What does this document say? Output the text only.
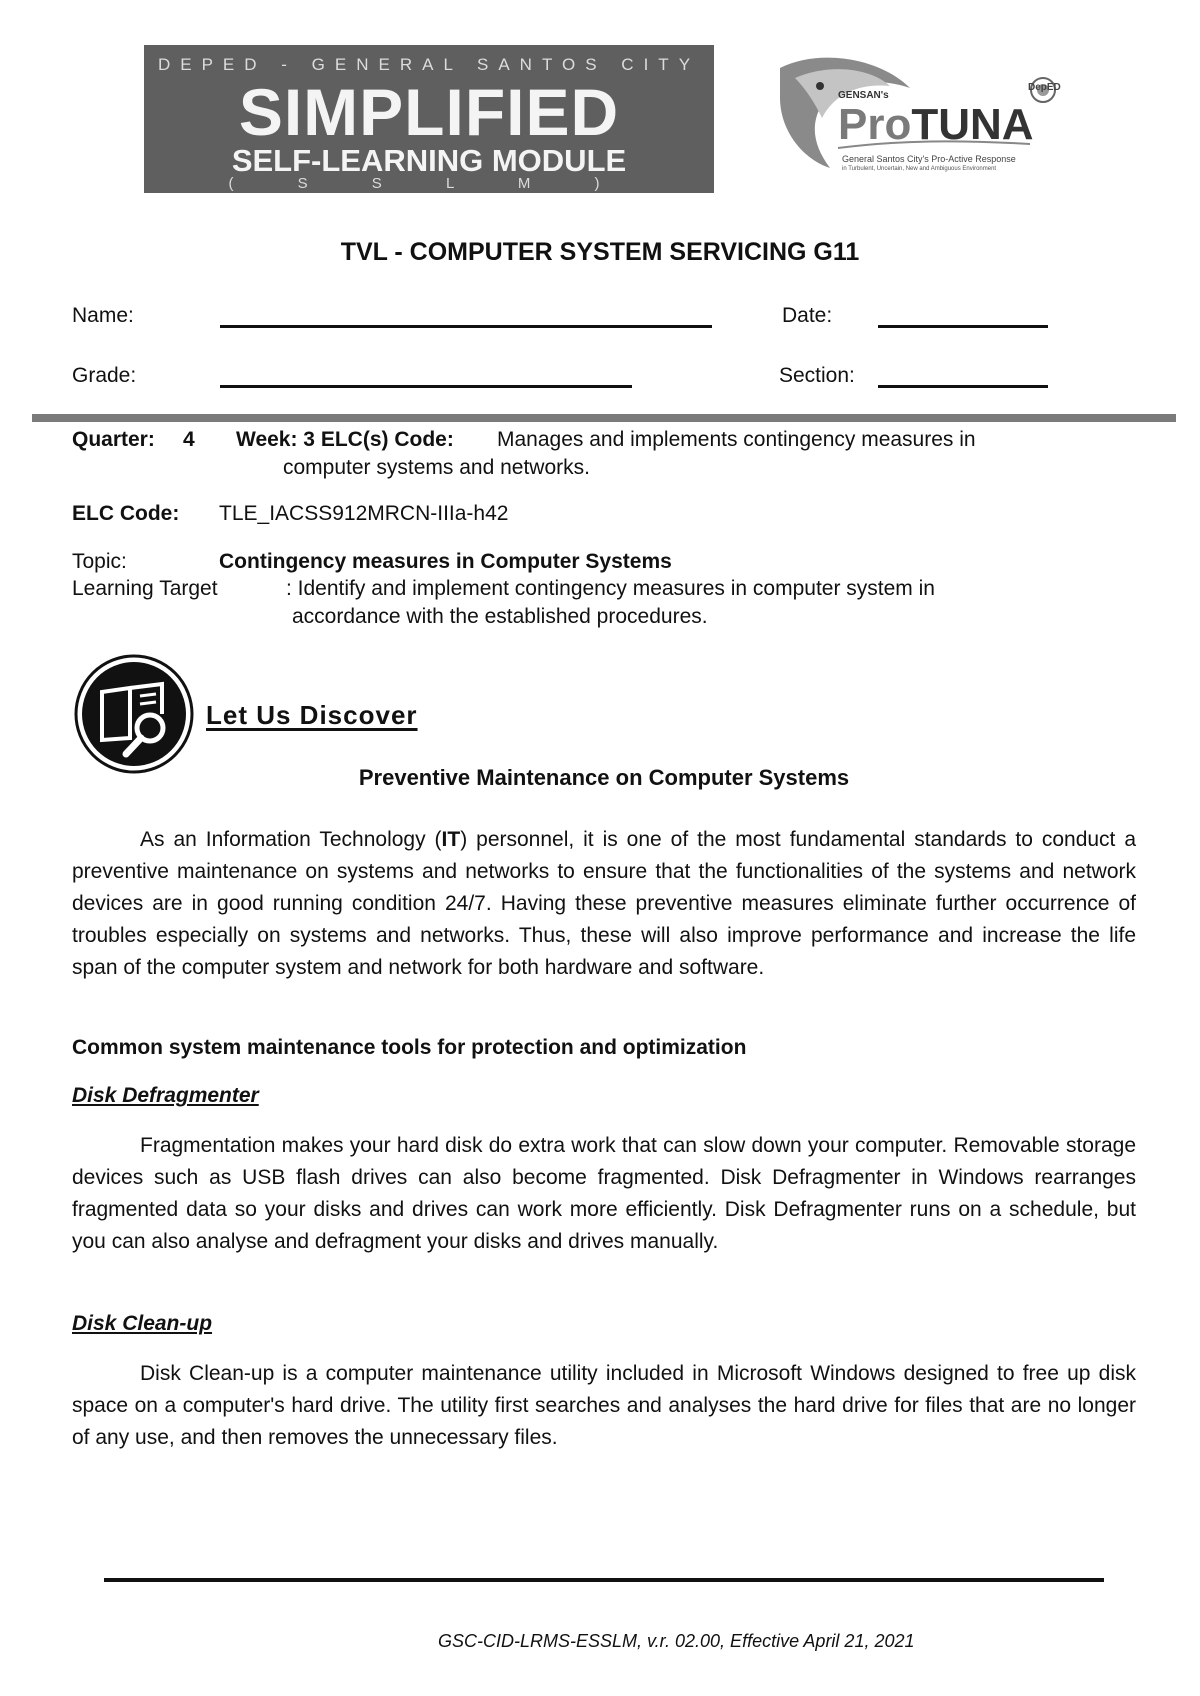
DEPED - GENERAL SANTOS CITY
SIMPLIFIED
SELF-LEARNING MODULE
( S S L M )
GENSAN's
ProTUNA
DepED
General Santos City's Pro-Active Response
in Turbulent, Uncertain, New and Ambiguous Environment
TVL - COMPUTER SYSTEM SERVICING G11
Name:	Date:
Grade:	Section:
Quarter: 4 Week: 3 ELC(s) Code: Manages and implements contingency measures in
computer systems and networks.
ELC Code: TLE_IACSS912MRCN-IIIa-h42
Topic:	Contingency measures in Computer Systems
Learning Target	: Identify and implement contingency measures in computer system in
accordance with the established procedures.
Let Us Discover
Preventive Maintenance on Computer Systems
As an Information Technology (IT) personnel, it is one of the most fundamental standards to conduct a preventive maintenance on systems and networks to ensure that the functionalities of the systems and network devices are in good running condition 24/7. Having these preventive measures eliminate further occurrence of troubles especially on systems and networks. Thus, these will also improve performance and increase the life span of the computer system and network for both hardware and software.
Common system maintenance tools for protection and optimization
Disk Defragmenter
Fragmentation makes your hard disk do extra work that can slow down your computer. Removable storage devices such as USB flash drives can also become fragmented. Disk Defragmenter in Windows rearranges fragmented data so your disks and drives can work more efficiently. Disk Defragmenter runs on a schedule, but you can also analyse and defragment your disks and drives manually.
Disk Clean-up
Disk Clean-up is a computer maintenance utility included in Microsoft Windows designed to free up disk space on a computer's hard drive. The utility first searches and analyses the hard drive for files that are no longer of any use, and then removes the unnecessary files.
GSC-CID-LRMS-ESSLM, v.r. 02.00, Effective April 21, 2021
